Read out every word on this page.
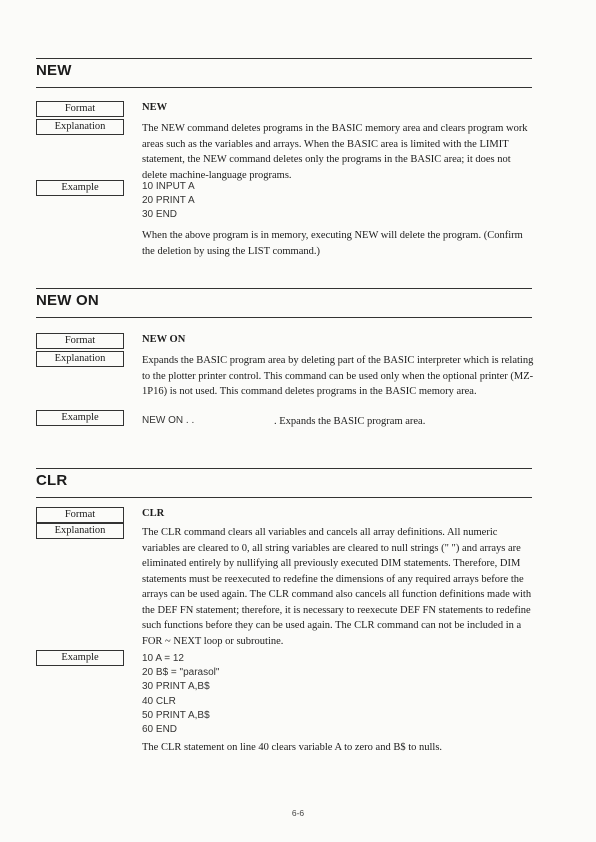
NEW
Format	NEW
Explanation	The NEW command deletes programs in the BASIC memory area and clears program work areas such as the variables and arrays. When the BASIC area is limited with the LIMIT statement, the NEW command deletes only the programs in the BASIC area; it does not delete machine-language programs.

Example	10 INPUT A
20 PRINT A
30 END

When the above program is in memory, executing NEW will delete the program. (Confirm the deletion by using the LIST command.)

NEW ON
Format	NEW ON
Explanation	Expands the BASIC program area by deleting part of the BASIC interpreter which is relating to the plotter printer control. This command can be used only when the optional printer (MZ-1P16) is not used. This command deletes programs in the BASIC memory area.

Example	NEW ON . .	. Expands the BASIC program area.
CLR
Format	CLR
Explanation	The CLR command clears all variables and cancels all array definitions. All numeric variables are cleared to 0, all string variables are cleared to null strings (" ") and arrays are eliminated entirely by nullifying all previously executed DIM statements. Therefore, DIM statements must be reexecuted to redefine the dimensions of any required arrays before the arrays can be used again. The CLR command also cancels all function definitions made with the DEF FN statement; therefore, it is necessary to reexecute DEF FN statements to redefine such functions before they can be used again. The CLR command can not be included in a FOR ~ NEXT loop or subroutine.

Example	10 A = 12
20 B$ = "parasol"
30 PRINT A,B$
40 CLR
50 PRINT A,B$
60 END

The CLR statement on line 40 clears variable A to zero and B$ to nulls.

6-6
